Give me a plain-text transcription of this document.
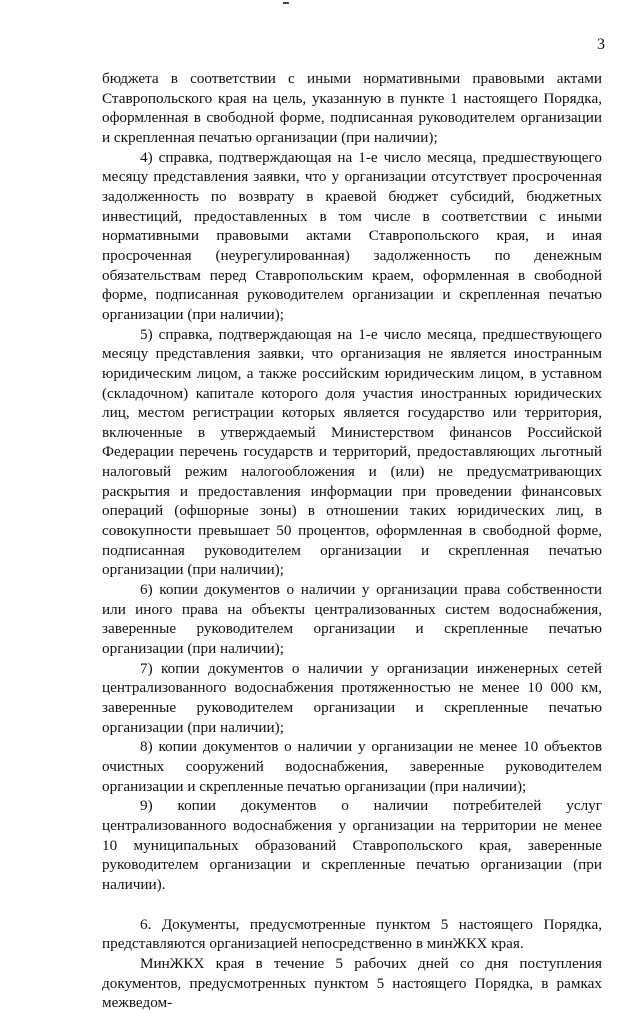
3

бюджета в соответствии с иными нормативными правовыми актами Ставропольского края на цель, указанную в пункте 1 настоящего Порядка, оформленная в свободной форме, подписанная руководителем организации и скрепленная печатью организации (при наличии);

4) справка, подтверждающая на 1-е число месяца, предшествующего месяцу представления заявки, что у организации отсутствует просроченная задолженность по возврату в краевой бюджет субсидий, бюджетных инвестиций, предоставленных в том числе в соответствии с иными нормативными правовыми актами Ставропольского края, и иная просроченная (неурегулированная) задолженность по денежным обязательствам перед Ставропольским краем, оформленная в свободной форме, подписанная руководителем организации и скрепленная печатью организации (при наличии);

5) справка, подтверждающая на 1-е число месяца, предшествующего месяцу представления заявки, что организация не является иностранным юридическим лицом, а также российским юридическим лицом, в уставном (складочном) капитале которого доля участия иностранных юридических лиц, местом регистрации которых является государство или территория, включенные в утверждаемый Министерством финансов Российской Федерации перечень государств и территорий, предоставляющих льготный налоговый режим налогообложения и (или) не предусматривающих раскрытия и предоставления информации при проведении финансовых операций (офшорные зоны) в отношении таких юридических лиц, в совокупности превышает 50 процентов, оформленная в свободной форме, подписанная руководителем организации и скрепленная печатью организации (при наличии);

6) копии документов о наличии у организации права собственности или иного права на объекты централизованных систем водоснабжения, заверенные руководителем организации и скрепленные печатью организации (при наличии);

7) копии документов о наличии у организации инженерных сетей централизованного водоснабжения протяженностью не менее 10 000 км, заверенные руководителем организации и скрепленные печатью организации (при наличии);

8) копии документов о наличии у организации не менее 10 объектов очистных сооружений водоснабжения, заверенные руководителем организации и скрепленные печатью организации (при наличии);

9) копии документов о наличии потребителей услуг централизованного водоснабжения у организации на территории не менее 10 муниципальных образований Ставропольского края, заверенные руководителем организации и скрепленные печатью организации (при наличии).

6. Документы, предусмотренные пунктом 5 настоящего Порядка, представляются организацией непосредственно в минЖКХ края.

МинЖКХ края в течение 5 рабочих дней со дня поступления документов, предусмотренных пунктом 5 настоящего Порядка, в рамках межведом-
